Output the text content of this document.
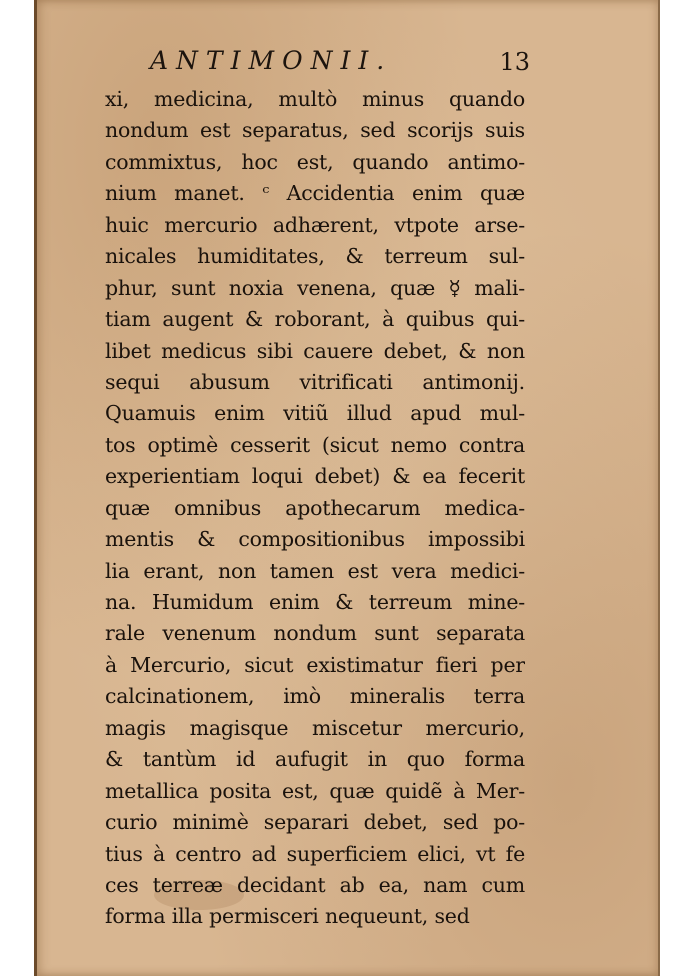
ANTIMONII.	13
xi, medicina, multò minus quando
nondum est separatus, sed scorijs suis
commixtus, hoc est, quando antimo-
nium manet. ᶜ Accidentia enim quæ
huic mercurio adhærent, vtpote arse-
nicales humiditates, & terreum sul-
phur, sunt noxia venena, quæ ☿ mali-
tiam augent & roborant, à quibus qui-
libet medicus sibi cauere debet, & non
sequi abusum vitrificati antimonij.
Quamuis enim vitiũ illud apud mul-
tos optimè cesserit (sicut nemo contra
experientiam loqui debet) & ea fecerit
quæ omnibus apothecarum medica-
mentis & compositionibus impossibi
lia erant, non tamen est vera medici-
na. Humidum enim & terreum mine-
rale venenum nondum sunt separata
à Mercurio, sicut existimatur fieri per
calcinationem, imò mineralis terra
magis magisque miscetur mercurio,
& tantùm id aufugit in quo forma
metallica posita est, quæ quidẽ à Mer-
curio minimè separari debet, sed po-
tius à centro ad superficiem elici, vt fe
ces terreæ decidant ab ea, nam cum
forma illa permisceri nequeunt, sed
